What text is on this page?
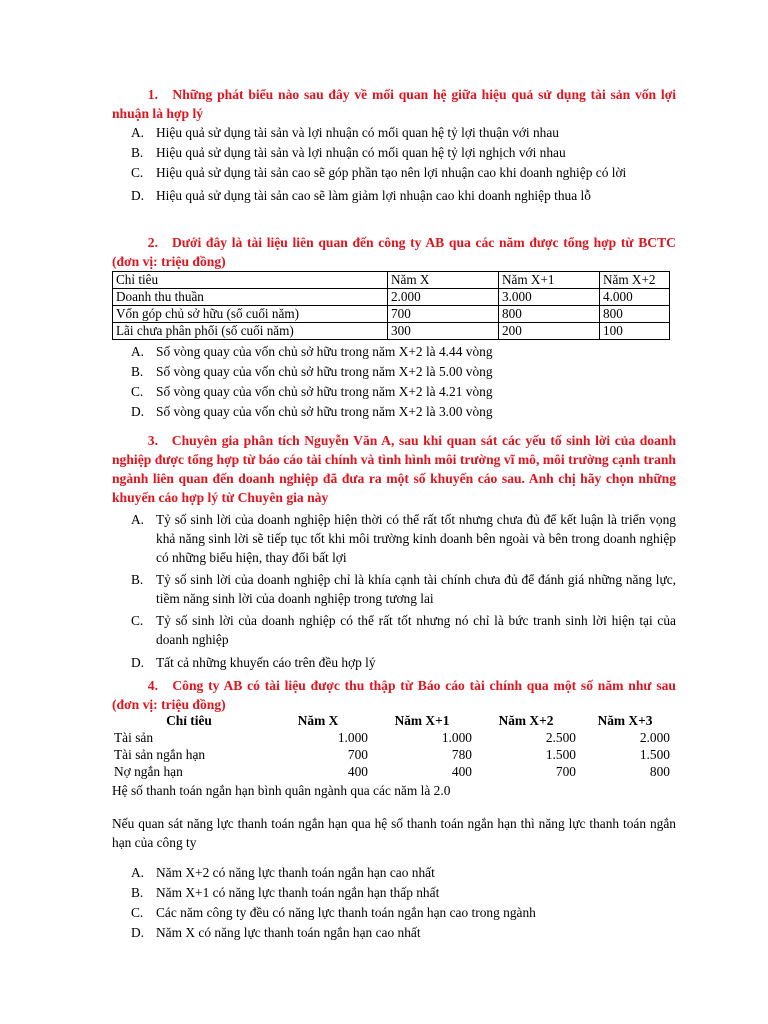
1. Những phát biểu nào sau đây về mối quan hệ giữa hiệu quả sử dụng tài sản vốn lợi nhuận là hợp lý
A. Hiệu quả sử dụng tài sản và lợi nhuận có mối quan hệ tỷ lợi thuận với nhau
B. Hiệu quả sử dụng tài sản và lợi nhuận có mối quan hệ tỷ lợi nghịch với nhau
C. Hiệu quả sử dụng tài sản cao sẽ góp phần tạo nên lợi nhuận cao khi doanh nghiệp có lời
D. Hiệu quả sử dụng tài sản cao sẽ làm giảm lợi nhuận cao khi doanh nghiệp thua lỗ
2. Dưới đây là tài liệu liên quan đến công ty AB qua các năm được tổng hợp từ BCTC (đơn vị: triệu đồng)
Chỉ tiêu	Năm X	Năm X+1	Năm X+2
Doanh thu thuần	2.000	3.000	4.000
Vốn góp chủ sở hữu (số cuối năm)	700	800	800
Lãi chưa phân phối (số cuối năm)	300	200	100
A. Số vòng quay của vốn chủ sở hữu trong năm X+2 là 4.44 vòng
B. Số vòng quay của vốn chủ sở hữu trong năm X+2 là 5.00 vòng
C. Số vòng quay của vốn chủ sở hữu trong năm X+2 là 4.21 vòng
D. Số vòng quay của vốn chủ sở hữu trong năm X+2 là 3.00 vòng
3. Chuyên gia phân tích Nguyễn Văn A, sau khi quan sát các yếu tố sinh lời của doanh nghiệp được tổng hợp từ báo cáo tài chính và tình hình môi trường vĩ mô, môi trường cạnh tranh ngành liên quan đến doanh nghiệp đã đưa ra một số khuyến cáo sau. Anh chị hãy chọn những khuyến cáo hợp lý từ Chuyên gia này
A. Tỷ số sinh lời của doanh nghiệp hiện thời có thể rất tốt nhưng chưa đủ để kết luận là triển vọng khả năng sinh lời sẽ tiếp tục tốt khi môi trường kinh doanh bên ngoài và bên trong doanh nghiệp có những biểu hiện, thay đổi bất lợi
B. Tỷ số sinh lời của doanh nghiệp chỉ là khía cạnh tài chính chưa đủ để đánh giá những năng lực, tiềm năng sinh lời của doanh nghiệp trong tương lai
C. Tỷ số sinh lời của doanh nghiệp có thể rất tốt nhưng nó chỉ là bức tranh sinh lời hiện tại của doanh nghiệp
D. Tất cả những khuyến cáo trên đều hợp lý
4. Công ty AB có tài liệu được thu thập từ Báo cáo tài chính qua một số năm như sau (đơn vị: triệu đồng)
Chỉ tiêu	Năm X	Năm X+1	Năm X+2	Năm X+3
Tài sản	1.000	1.000	2.500	2.000
Tài sản ngắn hạn	700	780	1.500	1.500
Nợ ngắn hạn	400	400	700	800
Hệ số thanh toán ngắn hạn bình quân ngành qua các năm là 2.0
Nếu quan sát năng lực thanh toán ngắn hạn qua hệ số thanh toán ngắn hạn thì năng lực thanh toán ngắn hạn của công ty
A. Năm X+2 có năng lực thanh toán ngắn hạn cao nhất
B. Năm X+1 có năng lực thanh toán ngắn hạn thấp nhất
C. Các năm công ty đều có năng lực thanh toán ngắn hạn cao trong ngành
D. Năm X có năng lực thanh toán ngắn hạn cao nhất
